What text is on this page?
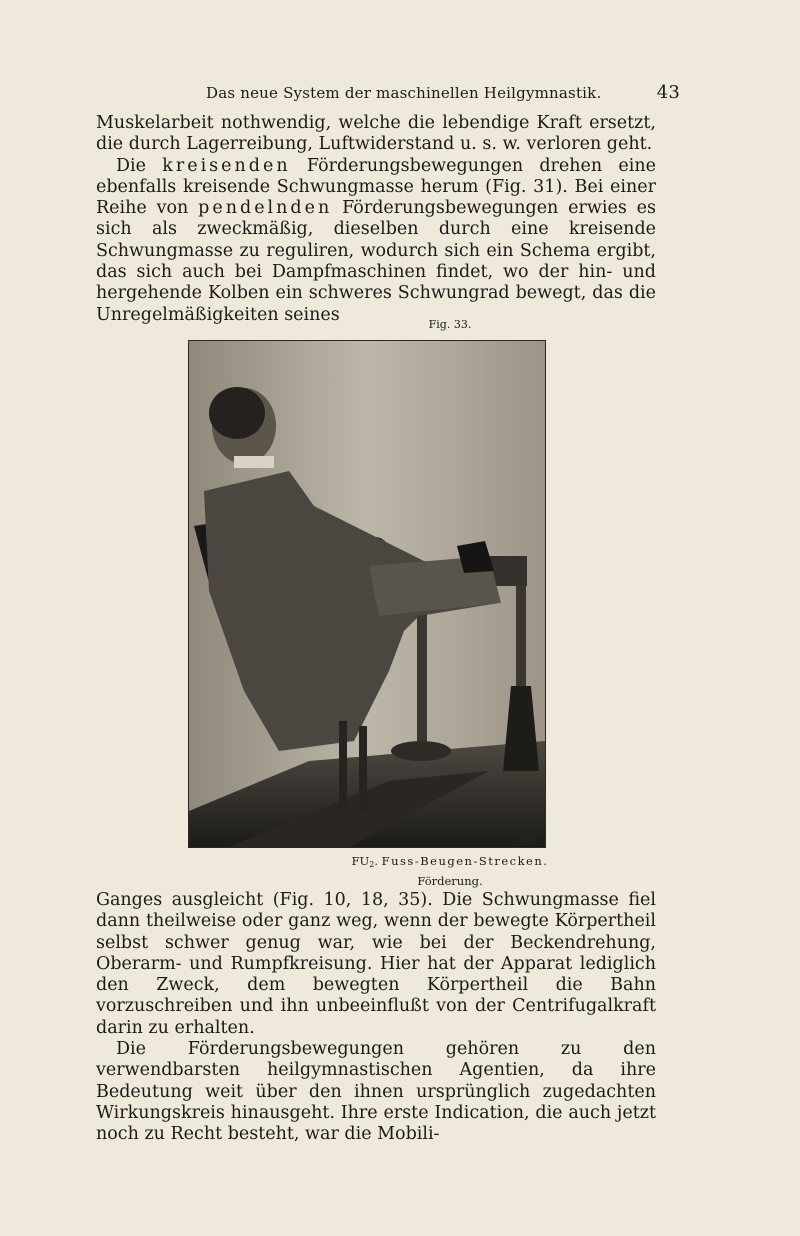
Das neue System der maschinellen Heilgymnastik.	43

Muskelarbeit nothwendig, welche die lebendige Kraft ersetzt, die durch Lagerreibung, Luftwiderstand u. s. w. verloren geht.

Die kreisenden Förderungsbewegungen drehen eine ebenfalls kreisende Schwungmasse herum (Fig. 31). Bei einer Reihe von pendelnden Förderungsbewegungen erwies es sich als zweckmäßig, dieselben durch eine kreisende Schwungmasse zu reguliren, wodurch sich ein Schema ergibt, das sich auch bei Dampfmaschinen findet, wo der hin- und hergehende Kolben ein schweres Schwungrad bewegt, das die Unregelmäßigkeiten seines	Fig. 33.
MPJ.
$FU_2$. Fuss-Beugen-Strecken.
Förderung.

Ganges ausgleicht (Fig. 10, 18, 35). Die Schwungmasse fiel dann theilweise oder ganz weg, wenn der bewegte Körpertheil selbst schwer genug war, wie bei der Beckendrehung, Oberarm- und Rumpfkreisung. Hier hat der Apparat lediglich den Zweck, dem bewegten Körpertheil die Bahn vorzuschreiben und ihn unbeeinflußt von der Centrifugalkraft darin zu erhalten.

Die Förderungsbewegungen gehören zu den verwendbarsten heilgymnastischen Agentien, da ihre Bedeutung weit über den ihnen ursprünglich zugedachten Wirkungskreis hinausgeht. Ihre erste Indication, die auch jetzt noch zu Recht besteht, war die Mobili-
